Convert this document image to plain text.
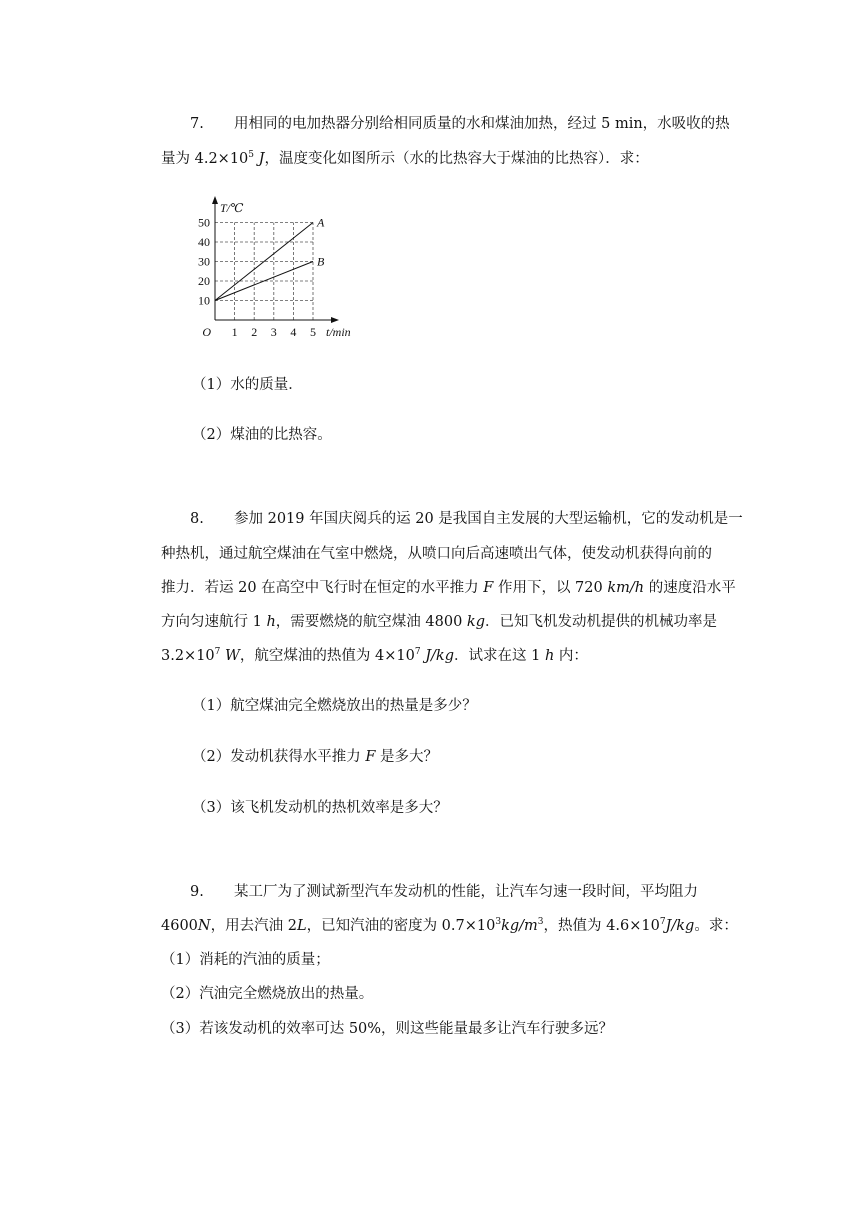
7. 用相同的电加热器分别给相同质量的水和煤油加热，经过 5 min，水吸收的热
量为 $4.2\times 10^5$ J，温度变化如图所示（水的比热容大于煤油的比热容）．求：
10
20
30
40
50
1 2 3 4 5
O
T/℃
t/min
A
B
（1）水的质量．
（2）煤油的比热容。
8. 参加 2019 年国庆阅兵的运 20 是我国自主发展的大型运输机，它的发动机是一
种热机，通过航空煤油在气室中燃烧，从喷口向后高速喷出气体，使发动机获得向前的
推力．若运 20 在高空中飞行时在恒定的水平推力 F 作用下，以 720 km/h 的速度沿水平
方向匀速航行 1 h，需要燃烧的航空煤油 4800 kg．已知飞机发动机提供的机械功率是
$3.2\times 10^7$ W，航空煤油的热值为 $4\times 10^7$ J/kg．试求在这 1 h 内：
（1）航空煤油完全燃烧放出的热量是多少？
（2）发动机获得水平推力 F 是多大？
（3）该飞机发动机的热机效率是多大？
9. 某工厂为了测试新型汽车发动机的性能，让汽车匀速一段时间，平均阻力
4600N，用去汽油 2L，已知汽油的密度为 $0.7\times 10^3kg/m^3$，热值为 $4.6\times 10^7J/kg$。求：
（1）消耗的汽油的质量；
（2）汽油完全燃烧放出的热量。
（3）若该发动机的效率可达 50%，则这些能量最多让汽车行驶多远？
